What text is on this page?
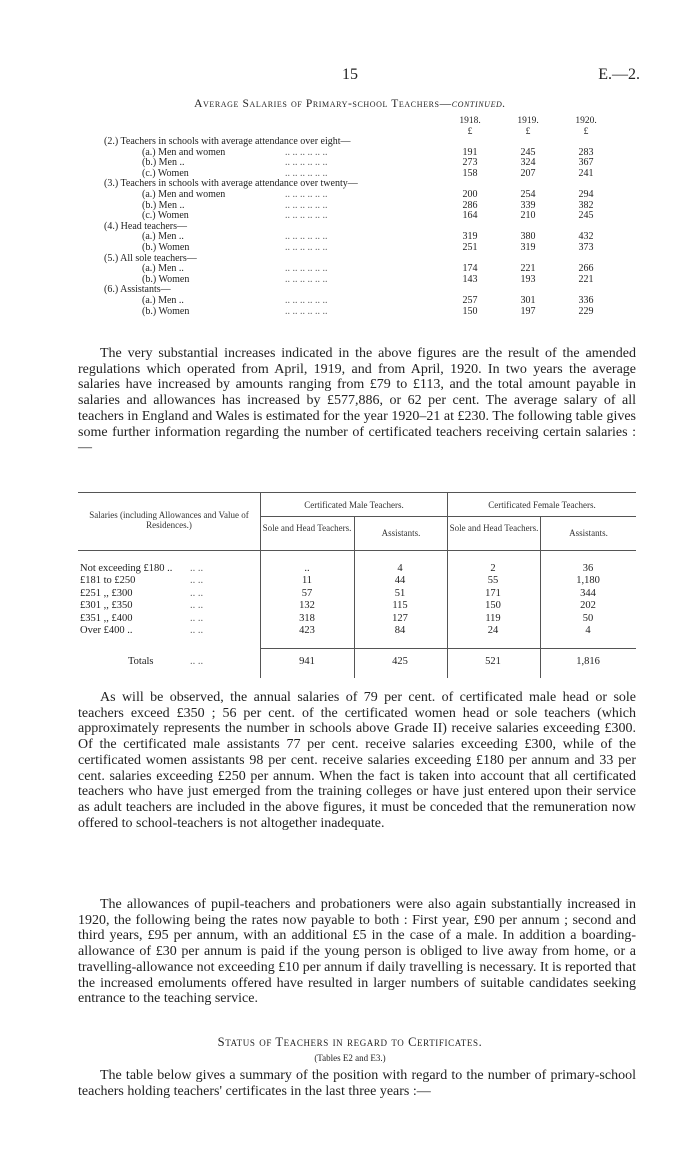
15	E.—2.
Average Salaries of Primary-school Teachers—continued.
1918.	1919.	1920.
£	£	£
(2.) Teachers in schools with average attendance over eight—
(a.) Men and women	.. .. .. .. .. ..	191	245	283
(b.) Men ..	.. .. .. .. .. ..	273	324	367
(c.) Women	.. .. .. .. .. ..	158	207	241
(3.) Teachers in schools with average attendance over twenty—
(a.) Men and women	.. .. .. .. .. ..	200	254	294
(b.) Men ..	.. .. .. .. .. ..	286	339	382
(c.) Women	.. .. .. .. .. ..	164	210	245
(4.) Head teachers—
(a.) Men ..	.. .. .. .. .. ..	319	380	432
(b.) Women	.. .. .. .. .. ..	251	319	373
(5.) All sole teachers—
(a.) Men ..	.. .. .. .. .. ..	174	221	266
(b.) Women	.. .. .. .. .. ..	143	193	221
(6.) Assistants—
(a.) Men ..	.. .. .. .. .. ..	257	301	336
(b.) Women	.. .. .. .. .. ..	150	197	229

The very substantial increases indicated in the above figures are the result of the amended regulations which operated from April, 1919, and from April, 1920. In two years the average salaries have increased by amounts ranging from £79 to £113, and the total amount payable in salaries and allowances has increased by £577,886, or 62 per cent. The average salary of all teachers in England and Wales is estimated for the year 1920–21 at £230. The following table gives some further information regarding the number of certificated teachers receiving certain salaries :—

Salaries (including Allowances and Value of Residences.)
Certificated Male Teachers.	Certificated Female Teachers.
Sole and Head Teachers.	Assistants.	Sole and Head Teachers.	Assistants.
Not exceeding £180 .. .. ..	..	4	2	36
£181 to £250	.. ..	11	44	55	1,180
£251 ,, £300	.. ..	57	51	171	344
£301 ,, £350	.. ..	132	115	150	202
£351 ,, £400	.. ..	318	127	119	50
Over £400 ..	.. ..	423	84	24	4
Totals	.. ..	941	425	521	1,816

As will be observed, the annual salaries of 79 per cent. of certificated male head or sole teachers exceed £350 ; 56 per cent. of the certificated women head or sole teachers (which approximately represents the number in schools above Grade II) receive salaries exceeding £300. Of the certificated male assistants 77 per cent. receive salaries exceeding £300, while of the certificated women assistants 98 per cent. receive salaries exceeding £180 per annum and 33 per cent. salaries exceeding £250 per annum. When the fact is taken into account that all certificated teachers who have just emerged from the training colleges or have just entered upon their service as adult teachers are included in the above figures, it must be conceded that the remuneration now offered to school-teachers is not altogether inadequate.

The allowances of pupil-teachers and probationers were also again substantially increased in 1920, the following being the rates now payable to both : First year, £90 per annum ; second and third years, £95 per annum, with an additional £5 in the case of a male. In addition a boarding-allowance of £30 per annum is paid if the young person is obliged to live away from home, or a travelling-allowance not exceeding £10 per annum if daily travelling is necessary. It is reported that the increased emoluments offered have resulted in larger numbers of suitable candidates seeking entrance to the teaching service.

Status of Teachers in regard to Certificates.
(Tables E2 and E3.)

The table below gives a summary of the position with regard to the number of primary-school teachers holding teachers' certificates in the last three years :—
